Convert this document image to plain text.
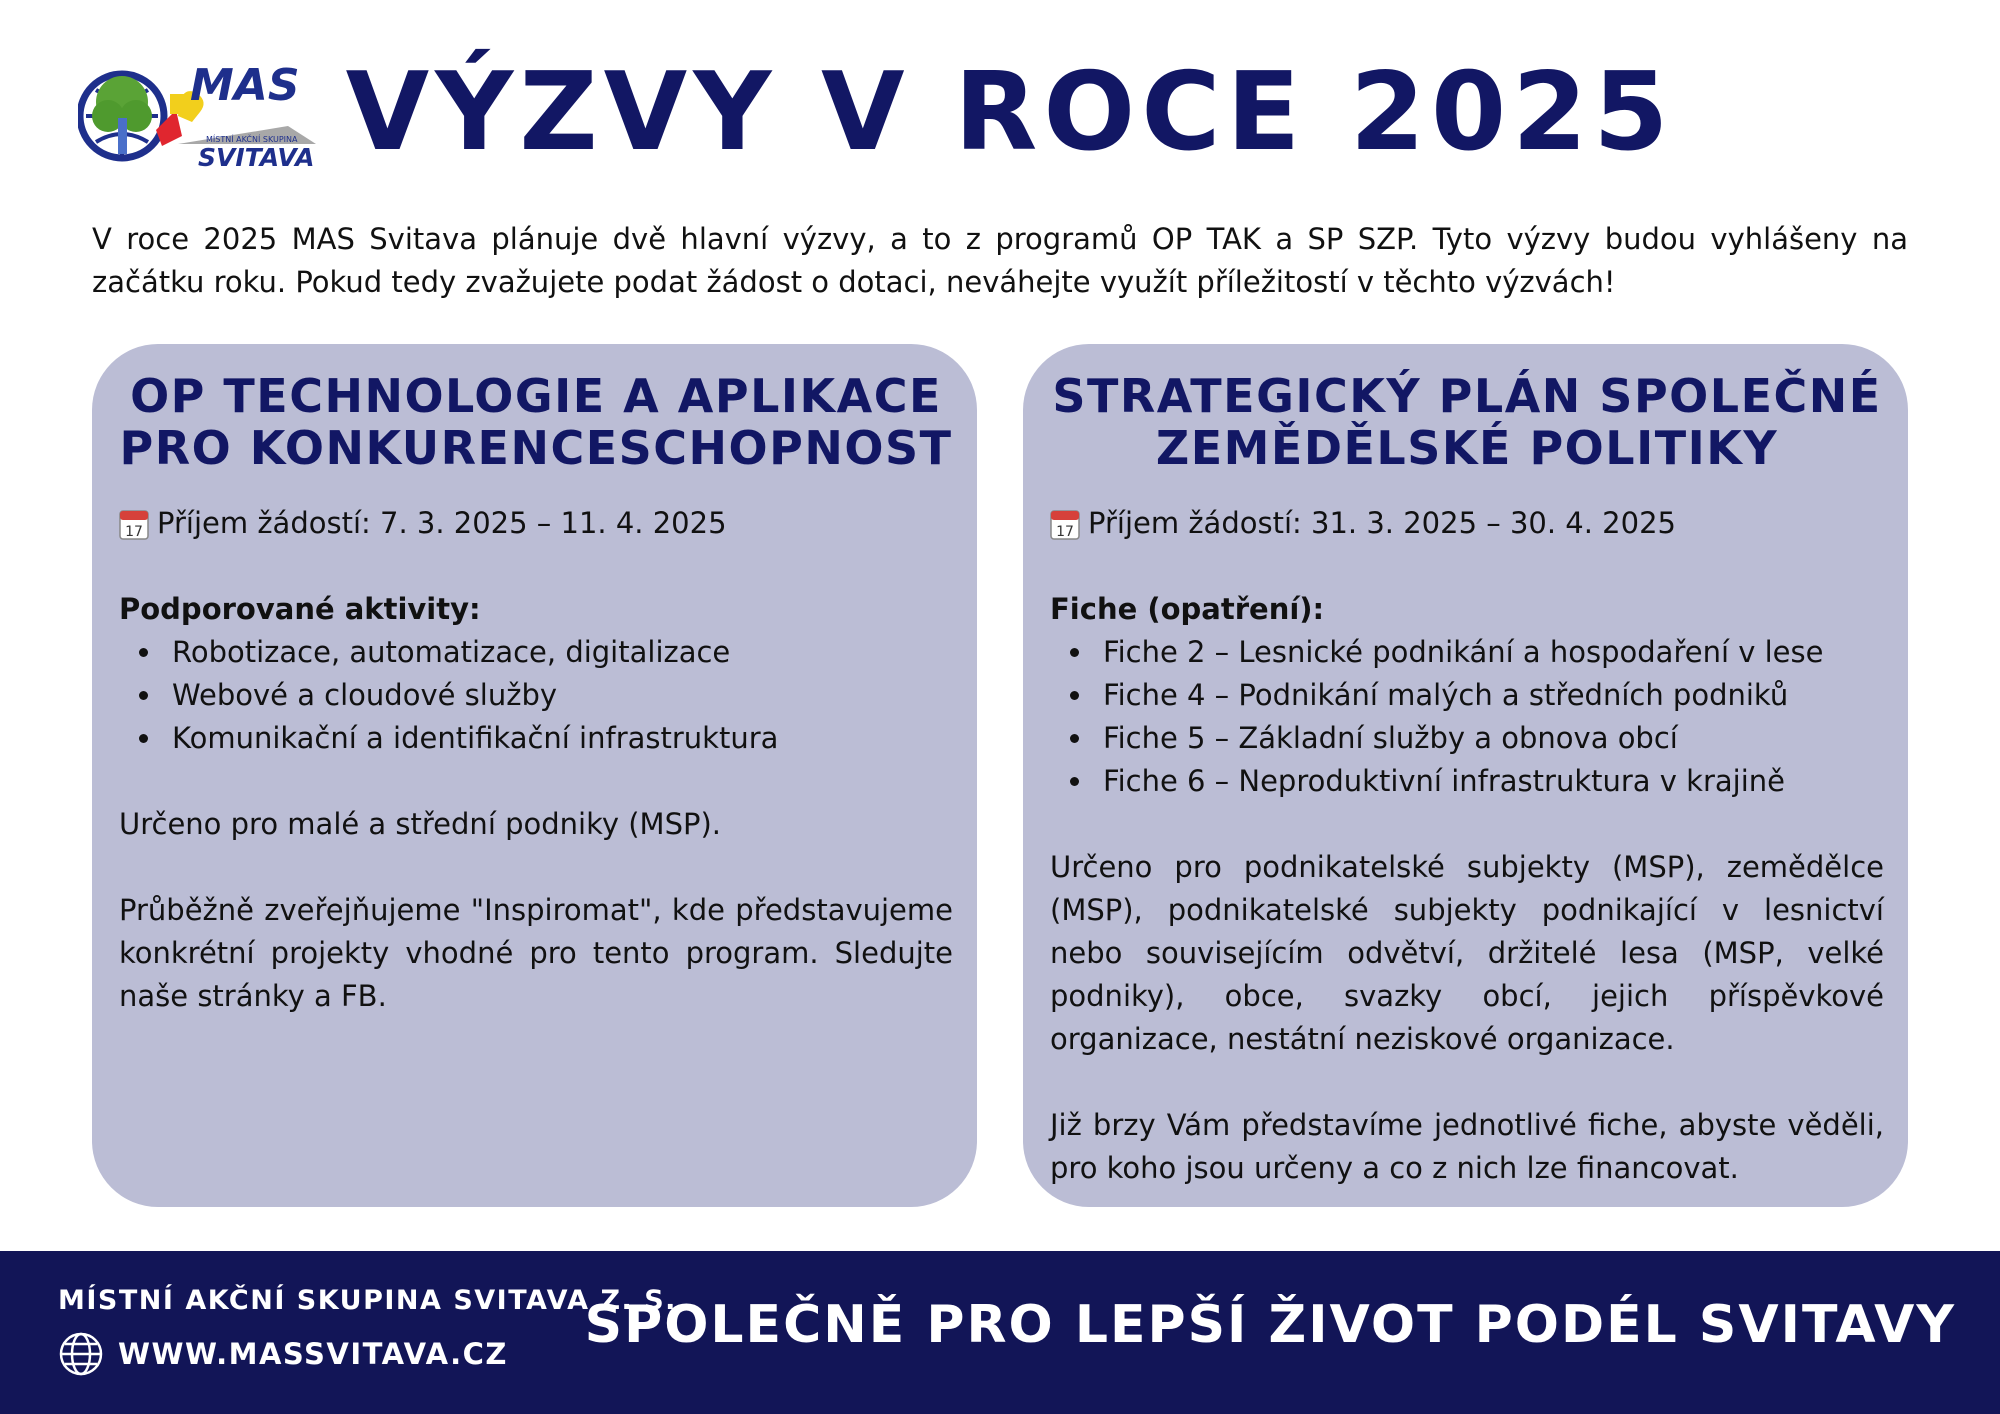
MAS
MÍSTNÍ AKČNÍ SKUPINA
SVITAVA VÝZVY V ROCE 2025
V roce 2025 MAS Svitava plánuje dvě hlavní výzvy, a to z programů OP TAK a SP SZP. Tyto výzvy budou vyhlášeny na začátku roku. Pokud tedy zvažujete podat žádost o dotaci, neváhejte využít příležitostí v těchto výzvách!
OP TECHNOLOGIE A APLIKACE
PRO KONKURENCESCHOPNOST
17 Příjem žádostí: 7. 3. 2025 – 11. 4. 2025
Podporované aktivity:
Robotizace, automatizace, digitalizace
Webové a cloudové služby
Komunikační a identifikační infrastruktura
Určeno pro malé a střední podniky (MSP).
Průběžně zveřejňujeme "Inspiromat", kde představujeme konkrétní projekty vhodné pro tento program. Sledujte naše stránky a FB.
STRATEGICKÝ PLÁN SPOLEČNÉ
ZEMĚDĚLSKÉ POLITIKY
17 Příjem žádostí: 31. 3. 2025 – 30. 4. 2025
Fiche (opatření):
Fiche 2 – Lesnické podnikání a hospodaření v lese
Fiche 4 – Podnikání malých a středních podniků
Fiche 5 – Základní služby a obnova obcí
Fiche 6 – Neproduktivní infrastruktura v krajině
Určeno pro podnikatelské subjekty (MSP), zemědělce (MSP), podnikatelské subjekty podnikající v lesnictví nebo souvisejícím odvětví, držitelé lesa (MSP, velké podniky), obce, svazky obcí, jejich příspěvkové organizace, nestátní neziskové organizace.
Již brzy Vám představíme jednotlivé fiche, abyste věděli, pro koho jsou určeny a co z nich lze financovat.
MÍSTNÍ AKČNÍ SKUPINA SVITAVA Z. S.
WWW.MASSVITAVA.CZ SPOLEČNĚ PRO LEPŠÍ ŽIVOT PODÉL SVITAVY
